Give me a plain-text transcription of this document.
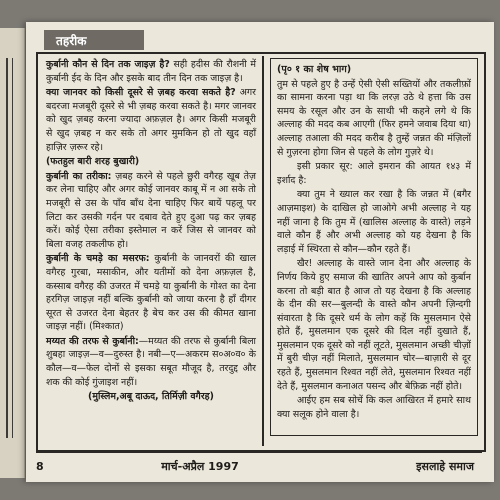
तहरीक

कुर्बानी कौन से दिन तक जाइज़ है? सही हदीस की रौशनी में कुर्बानी ईद के दिन और इसके बाद तीन दिन तक जाइज़ है।

क्या जानवर को किसी दूसरे से ज़बह करवा सकते है? अगर बदरजा मजबूरी दूसरे से भी ज़बह करवा सकते है। मगर जानवर को खुद ज़बह करना ज्यादा अफ़ज़ल है। अगर किसी मजबूरी से खुद ज़बह न कर सके तो अगर मुमकिन हो तो खुद वहाँ हाज़िर ज़रूर रहे।

(फतहुल बारी शरह बुखारी)

कुर्बानी का तरीका: ज़बह करने से पहले छुरी वगैरह खूब तेज़ कर लेना चाहिए और अगर कोई जानवर काबू में न आ सके तो मजबूरी से उस के पाँव बाँध देना चाहिए फिर बायें पहलू पर लिटा कर उसकी गर्दन पर दबाव देते हुए दुआ पढ़ कर ज़बह करें। कोई ऐसा तरीका इस्तेमाल न करें जिस से जानवर को बिला वजह तकलीफ हो।

कुर्बानी के चमड़े का मसरफ: कुर्बानी के जानवरों की खाल वगैरह गुरबा, मसाकीन, और यतीमों को देना अफ़ज़ल है, कस्साब वगैरह की उजरत में चमड़े या कुर्बानी के गोश्त का देना हरगिज़ जाइज़ नहीं बल्कि कुर्बानी को जाया करना है हाँ दीगर सूरत से उजरत देना बेहतर है बेच कर उस की कीमत खाना जाइज़ नहीं। (मिश्कात)

मय्यत की तरफ से कुर्बानी:—मय्यत की तरफ से कुर्बानी बिला शुबहा जाइज़—व—दुरुस्त है। नबी—ए—अकरम स०अ०व० के कौल—व—फेल दोनों से इसका सबूत मौजूद है, तरदुद्द और शक की कोई गुंजाइश नहीं।

(मुस्लिम,अबू दाऊद, तिर्मिज़ी वगैरह)

(पृ० १ का शेष भाग)

तुम से पहले हुए है उन्हें ऐसी ऐसी सख्तियों और तकलीफ़ों का सामना करना पड़ा था कि लरज़ उठे थे हत्ता कि उस समय के रसूल और उन के साथी भी कहने लगे थे कि अल्लाह की मदद कब आएगी (फिर हमने जवाब दिया था) अल्लाह तआला की मदद करीब है तुम्हें जन्नत की मंज़िलों से गुज़रना होगा जिन से पहले के लोग गुज़रे थे।

इसी प्रकार सूर: आले इमरान की आयत १४३ में इर्शाद है:

क्या तुम ने ख्याल कर रखा है कि जन्नत में (बगैर आज़माइश) के दाखिल हो जाओगे अभी अल्लाह ने यह नहीं जाना है कि तुम में (खालिस अल्लाह के वास्ते) लड़ने वाले कौन हैं और अभी अल्लाह को यह देखना है कि लड़ाई में स्थिरता से कौन—कौन रहते हैं।

खैर! अल्लाह के वास्ते जान देना और अल्लाह के निर्णय किये हुए समाज की खातिर अपने आप को कुर्बान करना तो बड़ी बात है आज तो यह देखना है कि अल्लाह के दीन की सर—बुलन्दी के वास्ते कौन अपनी ज़िन्दगी संवारता है कि दूसरे धर्म के लोग कहें कि मुसलमान ऐसे होते हैं, मुसलमान एक दूसरे की दिल नहीं दुखाते हैं, मुसलमान एक दूसरे को नहीं लूटते, मुसलमान अच्छी चीज़ों में बुरी चीज़ नहीं मिलाते, मुसलमान चोर—बाज़ारी से दूर रहते हैं, मुसलमान रिश्वत नहीं लेते, मुसलमान रिश्वत नहीं देते हैं, मुसलमान कनाअत पसन्द और बेफ़िक्र नहीं होते।

आईए हम सब सोचें कि कल आखिरत में हमारे साथ क्या सलूक होने वाला है।

8	मार्च-अप्रैल 1997	इसलाहे समाज
